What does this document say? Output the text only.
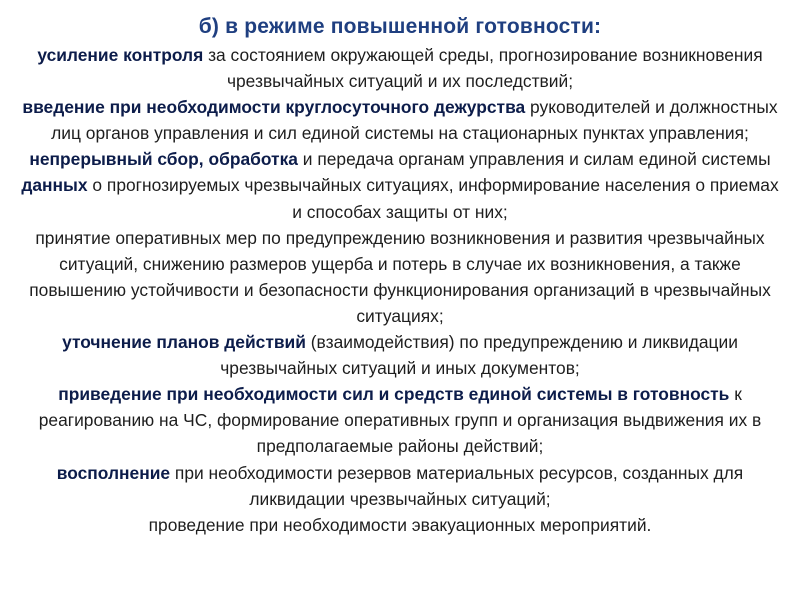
б) в режиме повышенной готовности:

усиление контроля за состоянием окружающей среды, прогнозирование возникновения чрезвычайных ситуаций и их последствий;

введение при необходимости круглосуточного дежурства руководителей и должностных лиц органов управления и сил единой системы на стационарных пунктах управления;

непрерывный сбор, обработка и передача органам управления и силам единой системы данных о прогнозируемых чрезвычайных ситуациях, информирование населения о приемах и способах защиты от них;

принятие оперативных мер по предупреждению возникновения и развития чрезвычайных ситуаций, снижению размеров ущерба и потерь в случае их возникновения, а также повышению устойчивости и безопасности функционирования организаций в чрезвычайных ситуациях;

уточнение планов действий (взаимодействия) по предупреждению и ликвидации чрезвычайных ситуаций и иных документов;

приведение при необходимости сил и средств единой системы в готовность к реагированию на ЧС, формирование оперативных групп и организация выдвижения их в предполагаемые районы действий;

восполнение при необходимости резервов материальных ресурсов, созданных для ликвидации чрезвычайных ситуаций;

проведение при необходимости эвакуационных мероприятий.
